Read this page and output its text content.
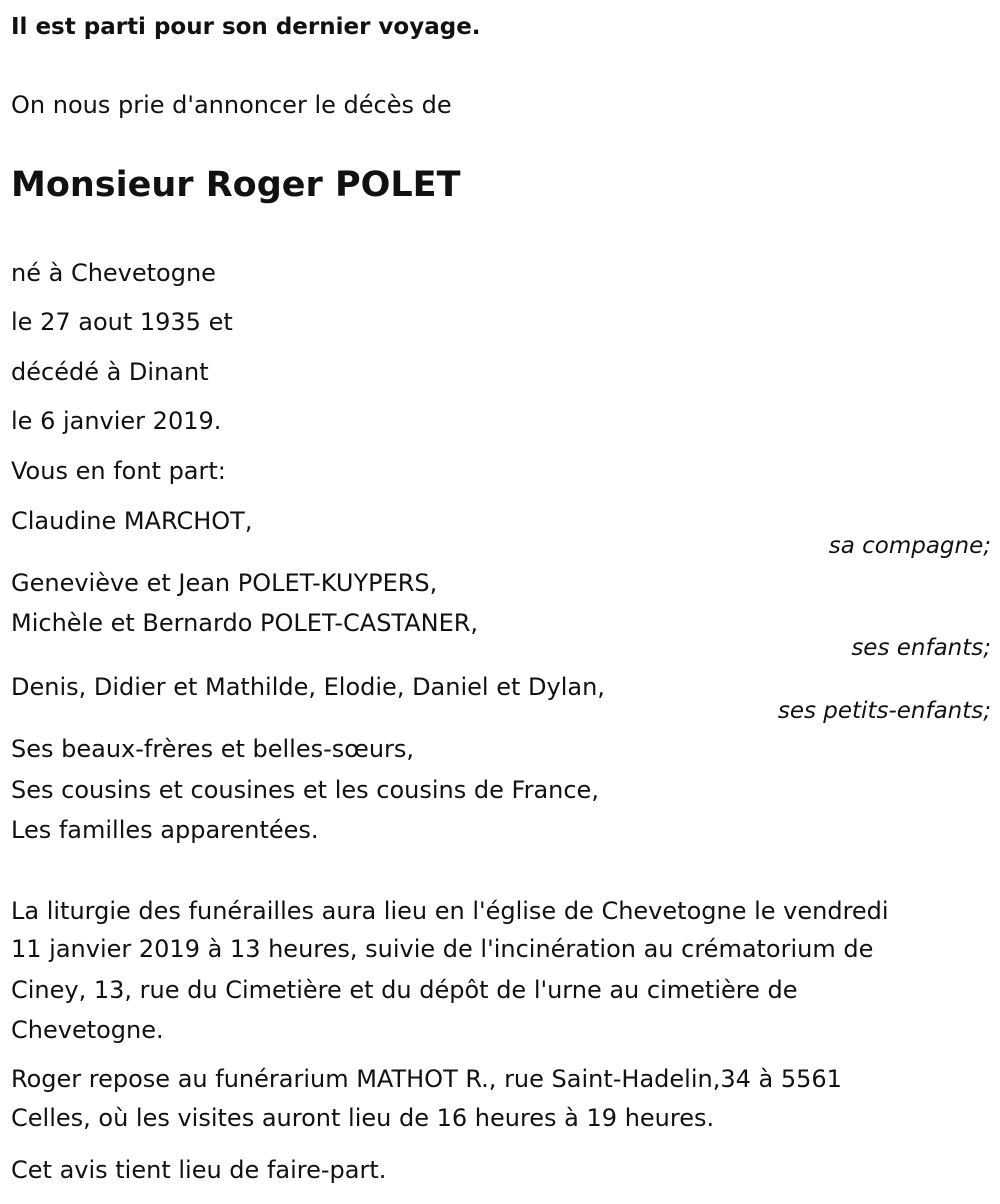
Il est parti pour son dernier voyage.
On nous prie d'annoncer le décès de
Monsieur Roger POLET
né à Chevetogne
le 27 aout 1935 et
décédé à Dinant
le 6 janvier 2019.
Vous en font part:
Claudine MARCHOT,
sa compagne;
Geneviève et Jean POLET-KUYPERS,
Michèle et Bernardo POLET-CASTANER,
ses enfants;
Denis, Didier et Mathilde, Elodie, Daniel et Dylan,
ses petits-enfants;
Ses beaux-frères et belles-sœurs,
Ses cousins et cousines et les cousins de France,
Les familles apparentées.
La liturgie des funérailles aura lieu en l'église de Chevetogne le vendredi
11 janvier 2019 à 13 heures, suivie de l'incinération au crématorium de
Ciney, 13, rue du Cimetière et du dépôt de l'urne au cimetière de
Chevetogne.
Roger repose au funérarium MATHOT R., rue Saint-Hadelin,34 à 5561
Celles, où les visites auront lieu de 16 heures à 19 heures.
Cet avis tient lieu de faire-part.
